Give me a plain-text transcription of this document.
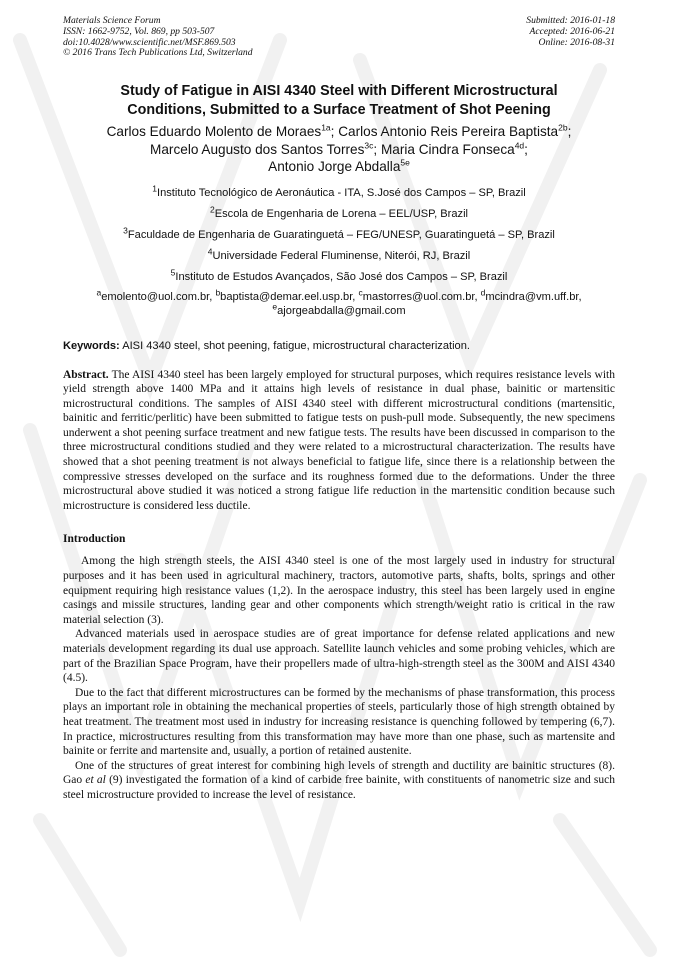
Materials Science Forum
ISSN: 1662-9752, Vol. 869, pp 503-507
doi:10.4028/www.scientific.net/MSF.869.503
© 2016 Trans Tech Publications Ltd, Switzerland
Submitted: 2016-01-18
Accepted: 2016-06-21
Online: 2016-08-31
Study of Fatigue in AISI 4340 Steel with Different Microstructural
Conditions, Submitted to a Surface Treatment of Shot Peening
Carlos Eduardo Molento de Moraes$^{1a}$; Carlos Antonio Reis Pereira Baptista$^{2b}$;
Marcelo Augusto dos Santos Torres$^{3c}$; Maria Cindra Fonseca$^{4d}$;
Antonio Jorge Abdalla$^{5e}$
$^1$Instituto Tecnológico de Aeronáutica - ITA, S.José dos Campos – SP, Brazil
$^2$Escola de Engenharia de Lorena – EEL/USP, Brazil
$^3$Faculdade de Engenharia de Guaratinguetá – FEG/UNESP, Guaratinguetá – SP, Brazil
$^4$Universidade Federal Fluminense, Niterói, RJ, Brazil
$^5$Instituto de Estudos Avançados, São José dos Campos – SP, Brazil
$^a$emolento@uol.com.br, $^b$baptista@demar.eel.usp.br, $^c$mastorres@uol.com.br, $^d$mcindra@vm.uff.br,
$^e$ajorgeabdalla@gmail.com
Keywords: AISI 4340 steel, shot peening, fatigue, microstructural characterization.
Abstract. The AISI 4340 steel has been largely employed for structural purposes, which requires resistance levels with yield strength above 1400 MPa and it attains high levels of resistance in dual phase, bainitic or martensitic microstructural conditions. The samples of AISI 4340 steel with different microstructural conditions (martensitic, bainitic and ferritic/perlitic) have been submitted to fatigue tests on push-pull mode. Subsequently, the new specimens underwent a shot peening surface treatment and new fatigue tests. The results have been discussed in comparison to the three microstructural conditions studied and they were related to a microstructural characterization. The results have showed that a shot peening treatment is not always beneficial to fatigue life, since there is a relationship between the compressive stresses developed on the surface and its roughness formed due to the deformations. Under the three microstructural above studied it was noticed a strong fatigue life reduction in the martensitic condition because such microstructure is considered less ductile.
Introduction

Among the high strength steels, the AISI 4340 steel is one of the most largely used in industry for structural purposes and it has been used in agricultural machinery, tractors, automotive parts, shafts, bolts, springs and other equipment requiring high resistance values (1,2). In the aerospace industry, this steel has been largely used in engine casings and missile structures, landing gear and other components which strength/weight ratio is critical in the raw material selection (3).

Advanced materials used in aerospace studies are of great importance for defense related applications and new materials development regarding its dual use approach. Satellite launch vehicles and some probing vehicles, which are part of the Brazilian Space Program, have their propellers made of ultra-high-strength steel as the 300M and AISI 4340 (4.5).

Due to the fact that different microstructures can be formed by the mechanisms of phase transformation, this process plays an important role in obtaining the mechanical properties of steels, particularly those of high strength obtained by heat treatment. The treatment most used in industry for increasing resistance is quenching followed by tempering (6,7). In practice, microstructures resulting from this transformation may have more than one phase, such as martensite and bainite or ferrite and martensite and, usually, a portion of retained austenite.

One of the structures of great interest for combining high levels of strength and ductility are bainitic structures (8). Gao et al (9) investigated the formation of a kind of carbide free bainite, with constituents of nanometric size and such steel microstructure provided to increase the level of resistance.
